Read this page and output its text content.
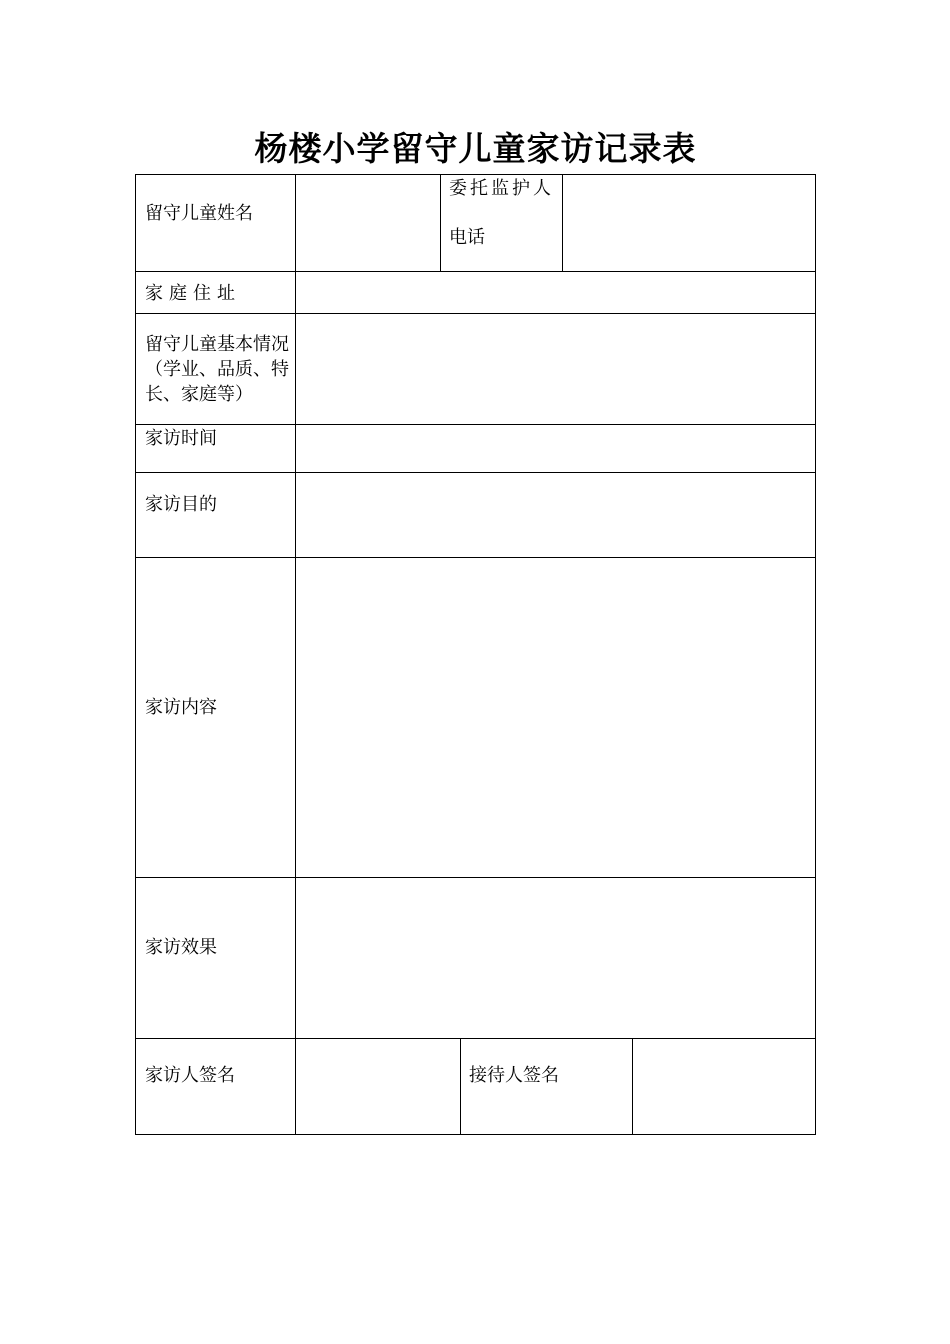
杨楼小学留守儿童家访记录表
留守儿童姓名
委托监护人
电话
家庭住址
留守儿童基本情况（学业、品质、特长、家庭等）
家访时间
家访目的
家访内容
家访效果
家访人签名	接待人签名
